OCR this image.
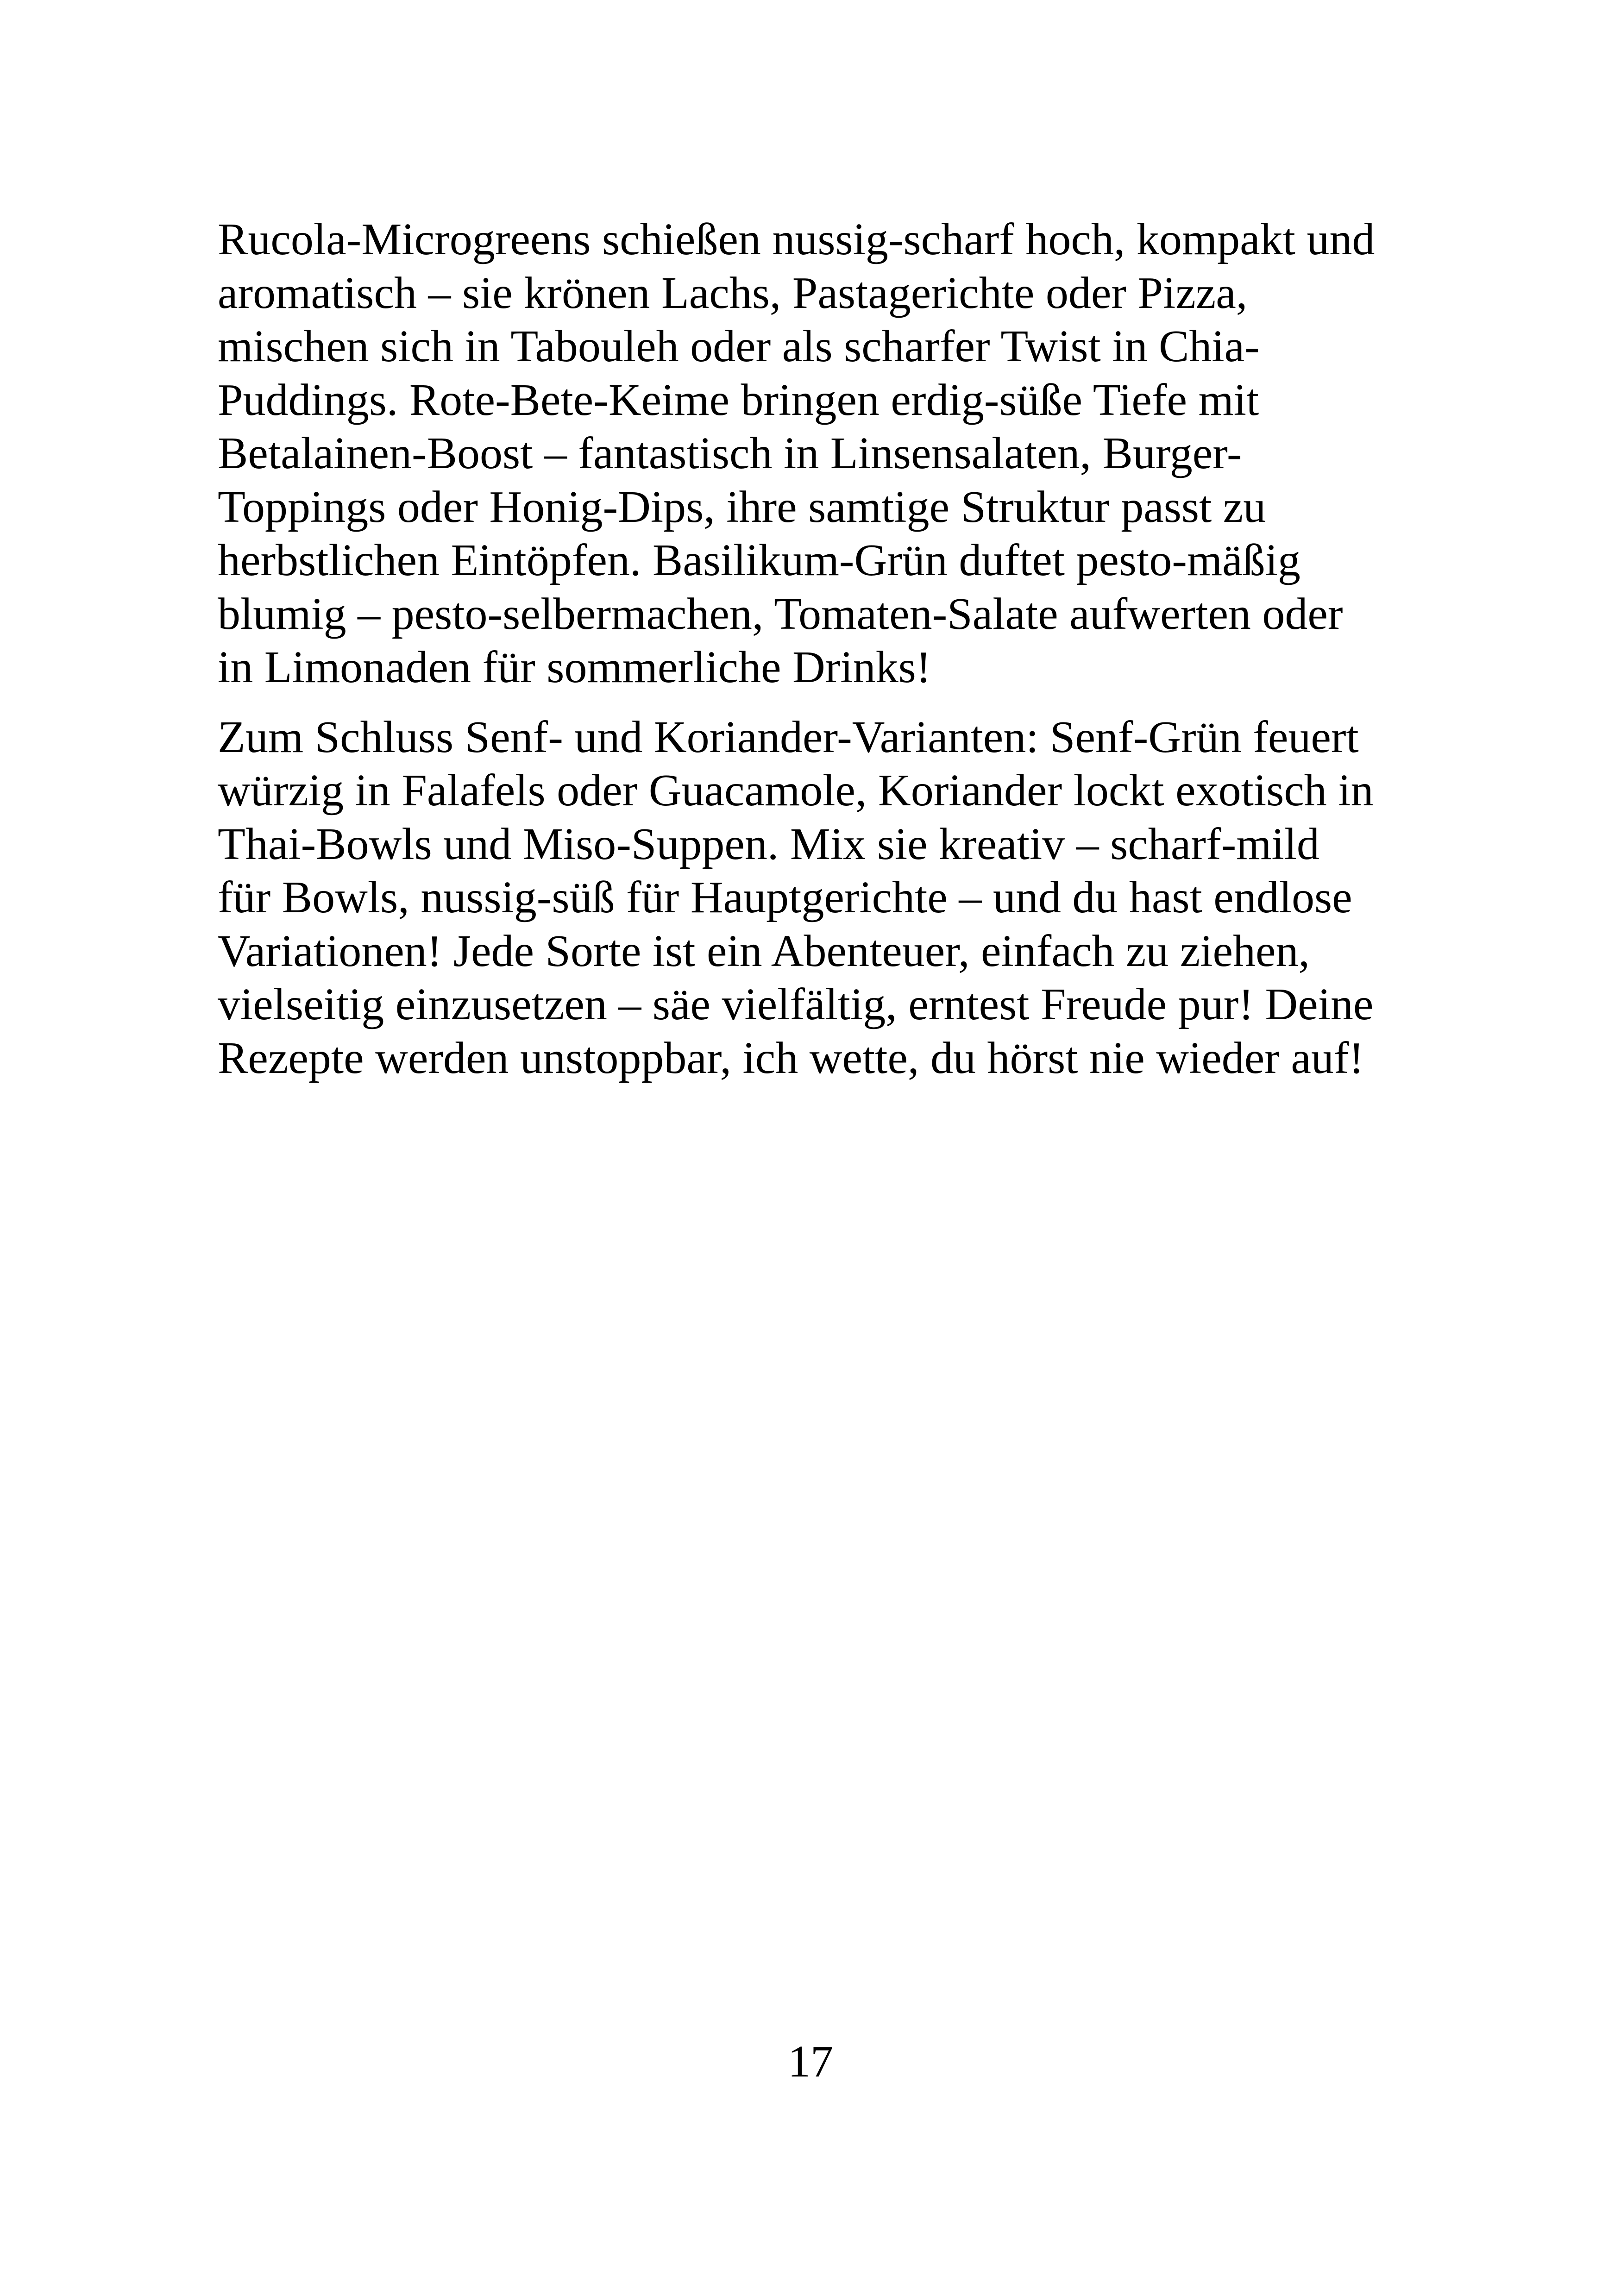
Rucola-Microgreens schießen nussig-scharf hoch, kompakt und
aromatisch – sie krönen Lachs, Pastagerichte oder Pizza,
mischen sich in Tabouleh oder als scharfer Twist in Chia-
Puddings. Rote-Bete-Keime bringen erdig-süße Tiefe mit
Betalainen-Boost – fantastisch in Linsensalaten, Burger-
Toppings oder Honig-Dips, ihre samtige Struktur passt zu
herbstlichen Eintöpfen. Basilikum-Grün duftet pesto-mäßig
blumig – pesto-selbermachen, Tomaten-Salate aufwerten oder
in Limonaden für sommerliche Drinks!

Zum Schluss Senf- und Koriander-Varianten: Senf-Grün feuert
würzig in Falafels oder Guacamole, Koriander lockt exotisch in
Thai-Bowls und Miso-Suppen. Mix sie kreativ – scharf-mild
für Bowls, nussig-süß für Hauptgerichte – und du hast endlose
Variationen! Jede Sorte ist ein Abenteuer, einfach zu ziehen,
vielseitig einzusetzen – säe vielfältig, erntest Freude pur! Deine
Rezepte werden unstoppbar, ich wette, du hörst nie wieder auf!

17
